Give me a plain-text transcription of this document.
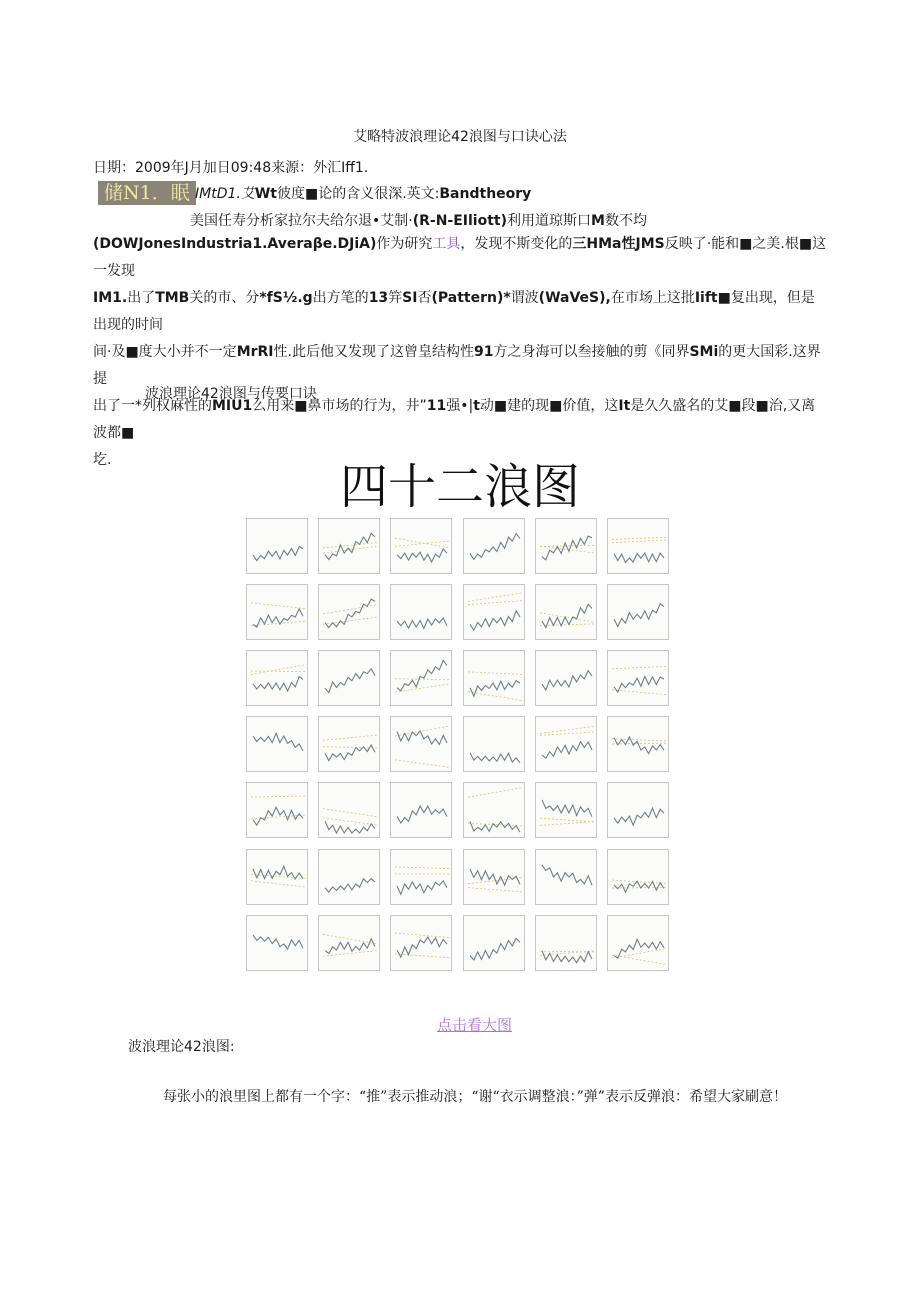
艾略特波浪理论42浪图与口诀心法
日期：2009年J月加日09:48来源：外汇Iff1.
储N1．眠 IMtD1.艾Wt彼度■论的含义很深.英文:Bandtheory
美国任寿分析家拉尔夫给尔退•艾制·(R-N-EIliott)利用道琼斯口M数不均
(DOWJonesIndustria1.Averaβe.DJiA)作为研究工具，发现不斯变化的三HMa性JMS反映了·能和■之美.根■这一发现
IM1.出了TMB关的市、分*fS½.g出方笔的13笄SI否(Pattern)*谓波(WaVeS),在市场上这批Iift■复出现，但是出现的时间
间·及■度大小并不一定MrRI性.此后他又发现了这曾皇结构性91方之身海可以叁接触的剪《同界SMi的更大国彩.这界提
出了一*列权麻性的MIU1么用来■鼻市场的行为，井”11强•|t动■建的现■价值，这It是久久盛名的艾■段■治,又离波都■
圪.
波浪理论42浪图与传要口诀
四十二浪图
点击看大图
波浪理论42浪图:
每张小的浪里图上都有一个字：“推”表示推动浪；“谢“衣示调整浪：”弹”表示反弹浪：希望大家刷意！
